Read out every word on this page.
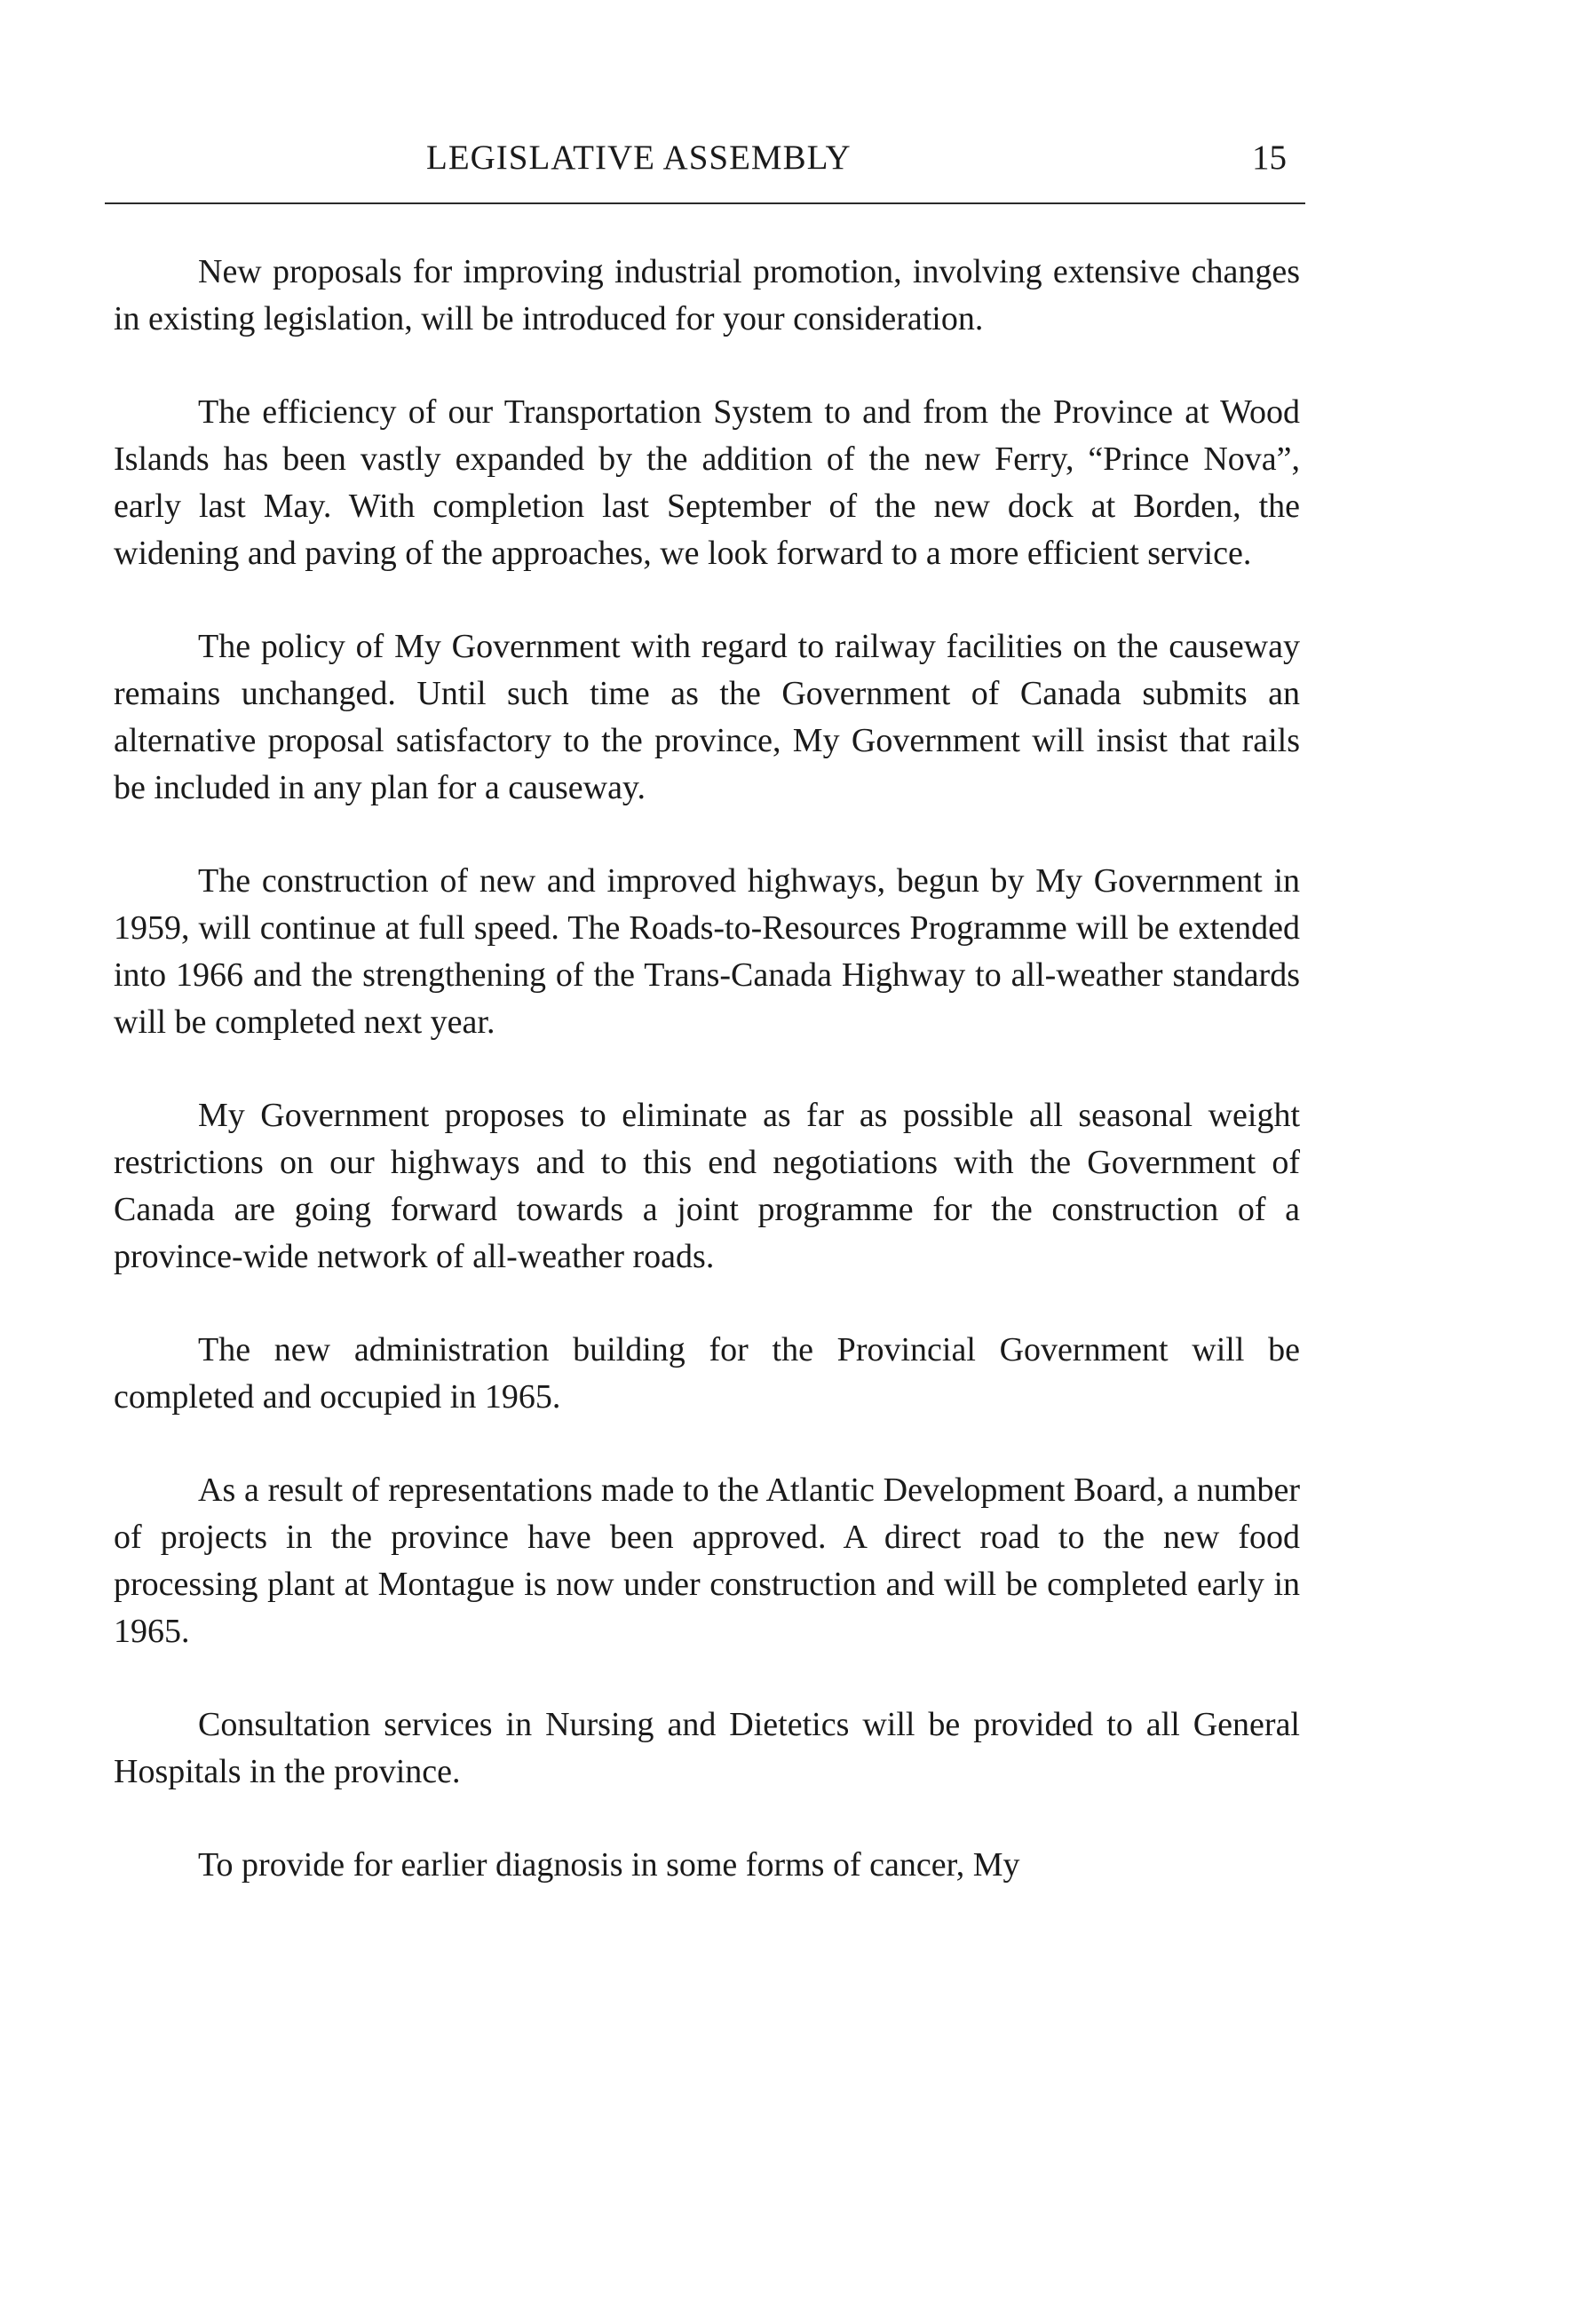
LEGISLATIVE ASSEMBLY	15

New proposals for improving industrial promotion, involving extensive changes in existing legislation, will be introduced for your consideration.

The efficiency of our Transportation System to and from the Province at Wood Islands has been vastly expanded by the addition of the new Ferry, “Prince Nova”, early last May. With completion last September of the new dock at Borden, the widening and paving of the approaches, we look forward to a more efficient service.

The policy of My Government with regard to railway facilities on the causeway remains unchanged. Until such time as the Government of Canada submits an alternative proposal satisfactory to the province, My Government will insist that rails be included in any plan for a causeway.

The construction of new and improved highways, begun by My Government in 1959, will continue at full speed. The Roads-to-Resources Programme will be extended into 1966 and the strengthening of the Trans-Canada Highway to all-weather standards will be completed next year.

My Government proposes to eliminate as far as possible all seasonal weight restrictions on our highways and to this end negotiations with the Government of Canada are going forward towards a joint programme for the construction of a province-wide network of all-weather roads.

The new administration building for the Provincial Government will be completed and occupied in 1965.

As a result of representations made to the Atlantic Development Board, a number of projects in the province have been approved. A direct road to the new food processing plant at Montague is now under construction and will be completed early in 1965.

Consultation services in Nursing and Dietetics will be provided to all General Hospitals in the province.

To provide for earlier diagnosis in some forms of cancer, My
